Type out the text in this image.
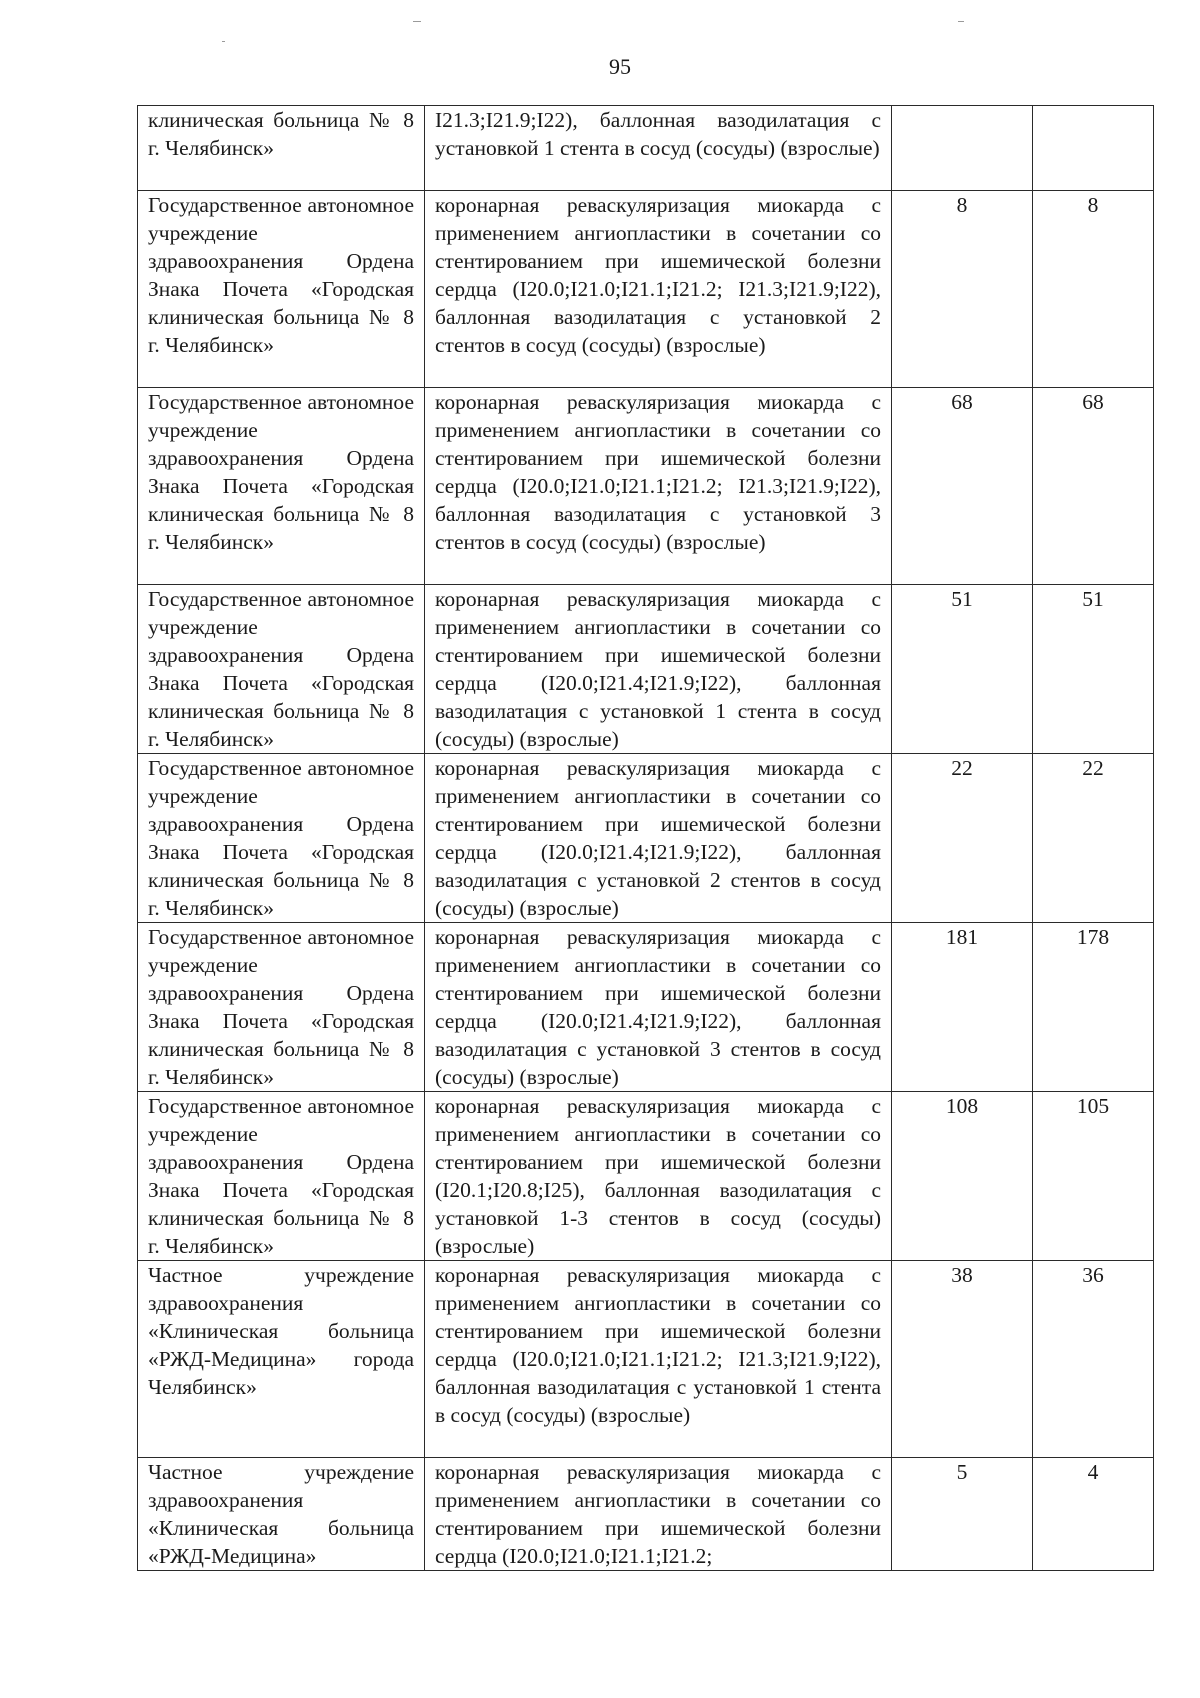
95
клиническая больница № 8 г. Челябинск»	I21.3;I21.9;I22), баллонная вазодилатация с установкой 1 стента в сосуд (сосуды) (взрослые)		
Государственное автономное учреждение здравоохранения Ордена Знака Почета «Городская клиническая больница № 8 г. Челябинск»	коронарная реваскуляризация миокарда с применением ангиопластики в сочетании со стентированием при ишемической болезни сердца (I20.0;I21.0;I21.1;I21.2; I21.3;I21.9;I22), баллонная вазодилатация с установкой 2 стентов в сосуд (сосуды) (взрослые)	8	8
Государственное автономное учреждение здравоохранения Ордена Знака Почета «Городская клиническая больница № 8 г. Челябинск»	коронарная реваскуляризация миокарда с применением ангиопластики в сочетании со стентированием при ишемической болезни сердца (I20.0;I21.0;I21.1;I21.2; I21.3;I21.9;I22), баллонная вазодилатация с установкой 3 стентов в сосуд (сосуды) (взрослые)	68	68
Государственное автономное учреждение здравоохранения Ордена Знака Почета «Городская клиническая больница № 8 г. Челябинск»	коронарная реваскуляризация миокарда с применением ангиопластики в сочетании со стентированием при ишемической болезни сердца (I20.0;I21.4;I21.9;I22), баллонная вазодилатация с установкой 1 стента в сосуд (сосуды) (взрослые)	51	51
Государственное автономное учреждение здравоохранения Ордена Знака Почета «Городская клиническая больница № 8 г. Челябинск»	коронарная реваскуляризация миокарда с применением ангиопластики в сочетании со стентированием при ишемической болезни сердца (I20.0;I21.4;I21.9;I22), баллонная вазодилатация с установкой 2 стентов в сосуд (сосуды) (взрослые)	22	22
Государственное автономное учреждение здравоохранения Ордена Знака Почета «Городская клиническая больница № 8 г. Челябинск»	коронарная реваскуляризация миокарда с применением ангиопластики в сочетании со стентированием при ишемической болезни сердца (I20.0;I21.4;I21.9;I22), баллонная вазодилатация с установкой 3 стентов в сосуд (сосуды) (взрослые)	181	178
Государственное автономное учреждение здравоохранения Ордена Знака Почета «Городская клиническая больница № 8 г. Челябинск»	коронарная реваскуляризация миокарда с применением ангиопластики в сочетании со стентированием при ишемической болезни (I20.1;I20.8;I25), баллонная вазодилатация с установкой 1-3 стентов в сосуд (сосуды) (взрослые)	108	105
Частное учреждение здравоохранения «Клиническая больница «РЖД-Медицина» города Челябинск»	коронарная реваскуляризация миокарда с применением ангиопластики в сочетании со стентированием при ишемической болезни сердца (I20.0;I21.0;I21.1;I21.2; I21.3;I21.9;I22), баллонная вазодилатация с установкой 1 стента в сосуд (сосуды) (взрослые)	38	36
Частное учреждение здравоохранения «Клиническая больница «РЖД-Медицина»	коронарная реваскуляризация миокарда с применением ангиопластики в сочетании со стентированием при ишемической болезни сердца (I20.0;I21.0;I21.1;I21.2;	5	4
